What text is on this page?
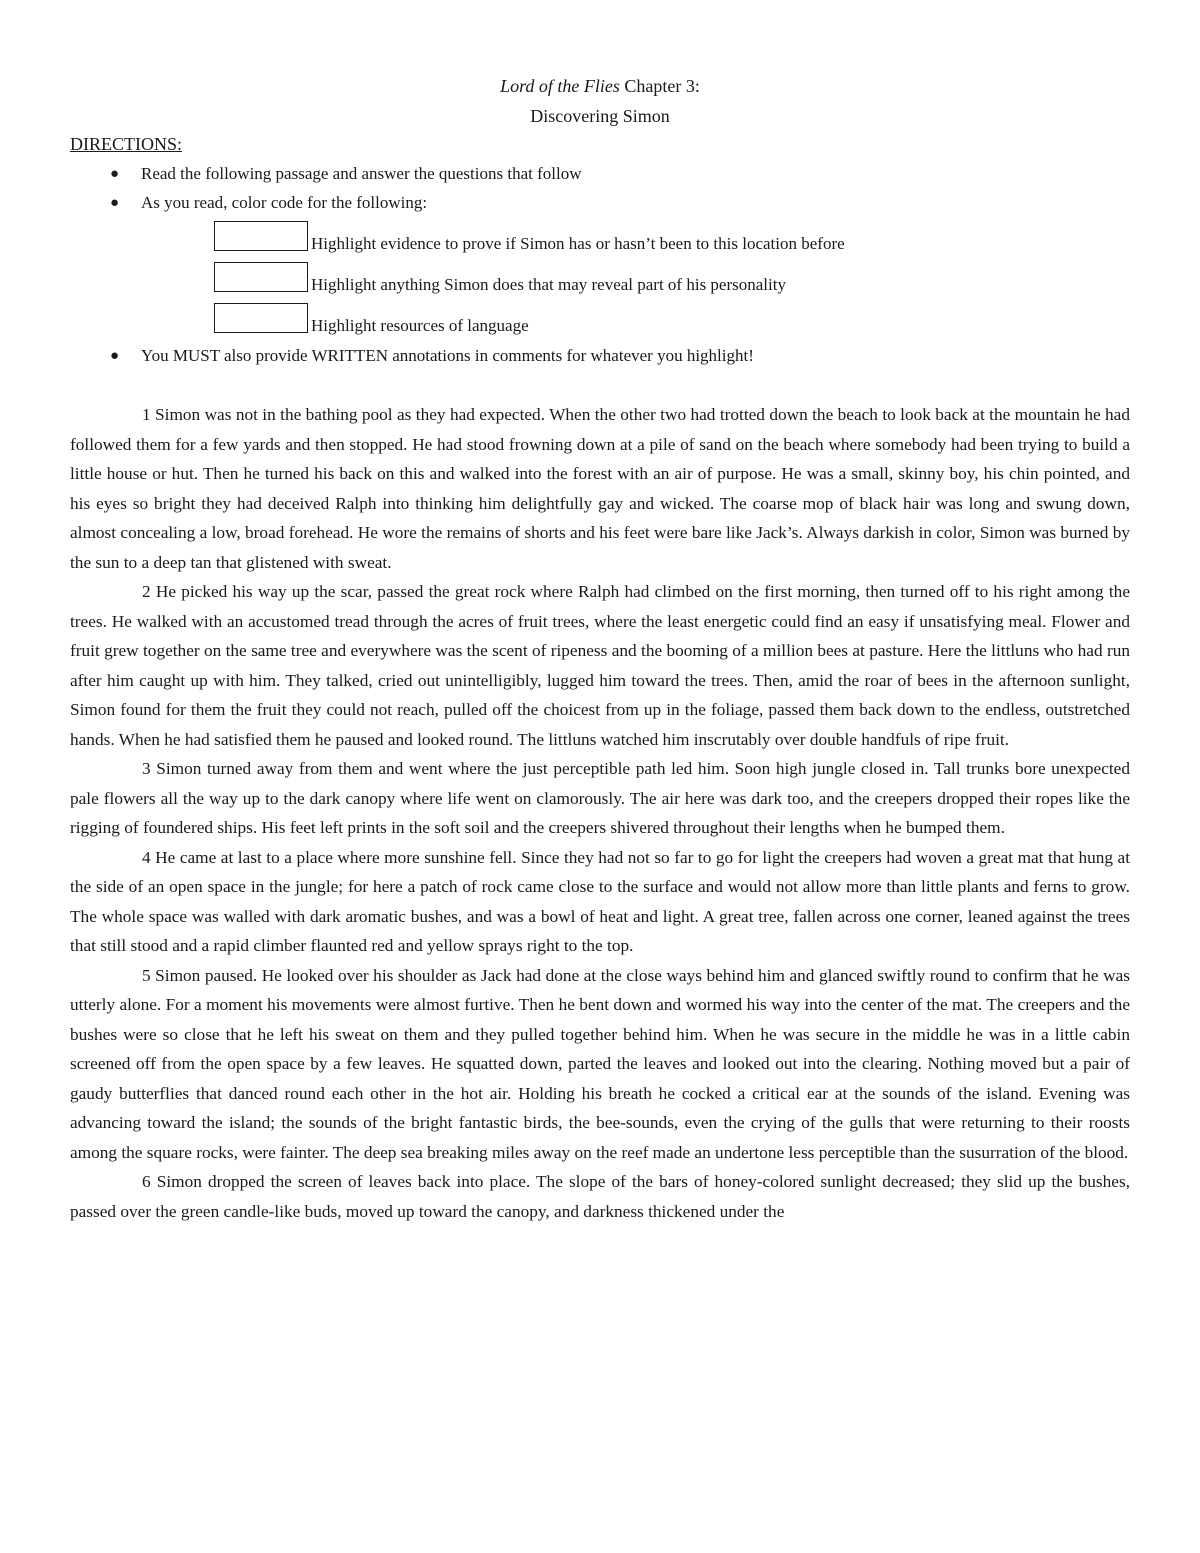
Lord of the Flies Chapter 3:
Discovering Simon
DIRECTIONS:
● Read the following passage and answer the questions that follow
● As you read, color code for the following:
Highlight evidence to prove if Simon has or hasn’t been to this location before
Highlight anything Simon does that may reveal part of his personality
Highlight resources of language
● You MUST also provide WRITTEN annotations in comments for whatever you highlight!

1 Simon was not in the bathing pool as they had expected. When the other two had trotted down the beach to look back at the mountain he had followed them for a few yards and then stopped. He had stood frowning down at a pile of sand on the beach where somebody had been trying to build a little house or hut. Then he turned his back on this and walked into the forest with an air of purpose. He was a small, skinny boy, his chin pointed, and his eyes so bright they had deceived Ralph into thinking him delightfully gay and wicked. The coarse mop of black hair was long and swung down, almost concealing a low, broad forehead. He wore the remains of shorts and his feet were bare like Jack’s. Always darkish in color, Simon was burned by the sun to a deep tan that glistened with sweat.

2 He picked his way up the scar, passed the great rock where Ralph had climbed on the first morning, then turned off to his right among the trees. He walked with an accustomed tread through the acres of fruit trees, where the least energetic could find an easy if unsatisfying meal. Flower and fruit grew together on the same tree and everywhere was the scent of ripeness and the booming of a million bees at pasture. Here the littluns who had run after him caught up with him. They talked, cried out unintelligibly, lugged him toward the trees. Then, amid the roar of bees in the afternoon sunlight, Simon found for them the fruit they could not reach, pulled off the choicest from up in the foliage, passed them back down to the endless, outstretched hands. When he had satisfied them he paused and looked round. The littluns watched him inscrutably over double handfuls of ripe fruit.

3 Simon turned away from them and went where the just perceptible path led him. Soon high jungle closed in. Tall trunks bore unexpected pale flowers all the way up to the dark canopy where life went on clamorously. The air here was dark too, and the creepers dropped their ropes like the rigging of foundered ships. His feet left prints in the soft soil and the creepers shivered throughout their lengths when he bumped them.

4 He came at last to a place where more sunshine fell. Since they had not so far to go for light the creepers had woven a great mat that hung at the side of an open space in the jungle; for here a patch of rock came close to the surface and would not allow more than little plants and ferns to grow. The whole space was walled with dark aromatic bushes, and was a bowl of heat and light. A great tree, fallen across one corner, leaned against the trees that still stood and a rapid climber flaunted red and yellow sprays right to the top.

5 Simon paused. He looked over his shoulder as Jack had done at the close ways behind him and glanced swiftly round to confirm that he was utterly alone. For a moment his movements were almost furtive. Then he bent down and wormed his way into the center of the mat. The creepers and the bushes were so close that he left his sweat on them and they pulled together behind him. When he was secure in the middle he was in a little cabin screened off from the open space by a few leaves. He squatted down, parted the leaves and looked out into the clearing. Nothing moved but a pair of gaudy butterflies that danced round each other in the hot air. Holding his breath he cocked a critical ear at the sounds of the island. Evening was advancing toward the island; the sounds of the bright fantastic birds, the bee-sounds, even the crying of the gulls that were returning to their roosts among the square rocks, were fainter. The deep sea breaking miles away on the reef made an undertone less perceptible than the susurration of the blood.

6 Simon dropped the screen of leaves back into place. The slope of the bars of honey-colored sunlight decreased; they slid up the bushes, passed over the green candle-like buds, moved up toward the canopy, and darkness thickened under the
